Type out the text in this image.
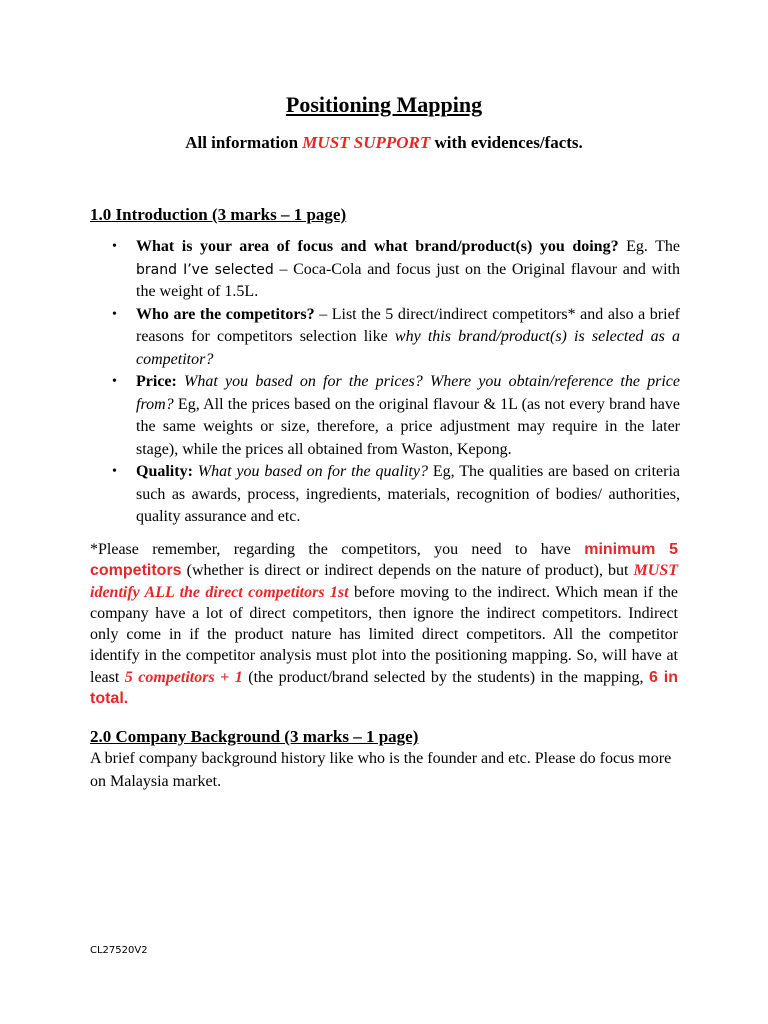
Positioning Mapping
All information MUST SUPPORT with evidences/facts.
1.0 Introduction (3 marks – 1 page)
• What is your area of focus and what brand/product(s) you doing? Eg. The brand I’ve selected – Coca-Cola and focus just on the Original flavour and with the weight of 1.5L.
• Who are the competitors? – List the 5 direct/indirect competitors* and also a brief reasons for competitors selection like why this brand/product(s) is selected as a competitor?
• Price: What you based on for the prices? Where you obtain/reference the price from? Eg, All the prices based on the original flavour & 1L (as not every brand have the same weights or size, therefore, a price adjustment may require in the later stage), while the prices all obtained from Waston, Kepong.
• Quality: What you based on for the quality? Eg, The qualities are based on criteria such as awards, process, ingredients, materials, recognition of bodies/ authorities, quality assurance and etc.
*Please remember, regarding the competitors, you need to have minimum 5 competitors (whether is direct or indirect depends on the nature of product), but MUST identify ALL the direct competitors 1st before moving to the indirect. Which mean if the company have a lot of direct competitors, then ignore the indirect competitors. Indirect only come in if the product nature has limited direct competitors. All the competitor identify in the competitor analysis must plot into the positioning mapping. So, will have at least 5 competitors + 1 (the product/brand selected by the students) in the mapping, 6 in total.
2.0 Company Background (3 marks – 1 page)
A brief company background history like who is the founder and etc. Please do focus more on Malaysia market.
CL27520V2
